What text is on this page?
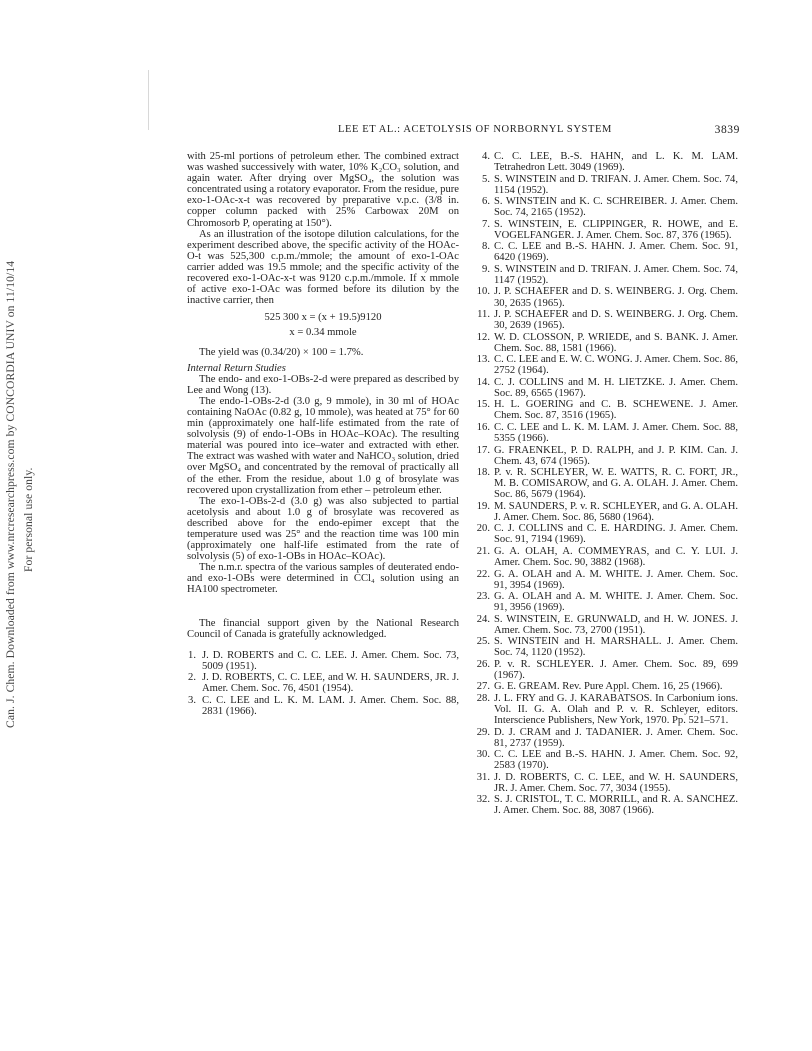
Can. J. Chem. Downloaded from www.nrcresearchpress.com by CONCORDIA UNIV on 11/10/14 For personal use only.
LEE ET AL.: ACETOLYSIS OF NORBORNYL SYSTEM	3839

with 25-ml portions of petroleum ether. The combined extract was washed successively with water, 10% K₂CO₃ solution, and again water. After drying over MgSO₄, the solution was concentrated using a rotatory evaporator. From the residue, pure exo-1-OAc-x-t was recovered by preparative v.p.c. (3/8 in. copper column packed with 25% Carbowax 20M on Chromosorb P, operating at 150°).

As an illustration of the isotope dilution calculations, for the experiment described above, the specific activity of the HOAc-O-t was 525,300 c.p.m./mmole; the amount of exo-1-OAc carrier added was 19.5 mmole; and the specific activity of the recovered exo-1-OAc-x-t was 9120 c.p.m./mmole. If x mmole of active exo-1-OAc was formed before its dilution by the inactive carrier, then

525 300 x = (x + 19.5)9120

x = 0.34 mmole

The yield was (0.34/20) × 100 = 1.7%.

Internal Return Studies

The endo- and exo-1-OBs-2-d were prepared as described by Lee and Wong (13).

The endo-1-OBs-2-d (3.0 g, 9 mmole), in 30 ml of HOAc containing NaOAc (0.82 g, 10 mmole), was heated at 75° for 60 min (approximately one half-life estimated from the rate of solvolysis (9) of endo-1-OBs in HOAc–KOAc). The resulting material was poured into ice–water and extracted with ether. The extract was washed with water and NaHCO₃ solution, dried over MgSO₄ and concentrated by the removal of practically all of the ether. From the residue, about 1.0 g of brosylate was recovered upon crystallization from ether – petroleum ether.

The exo-1-OBs-2-d (3.0 g) was also subjected to partial acetolysis and about 1.0 g of brosylate was recovered as described above for the endo-epimer except that the temperature used was 25° and the reaction time was 100 min (approximately one half-life estimated from the rate of solvolysis (5) of exo-1-OBs in HOAc–KOAc).

The n.m.r. spectra of the various samples of deuterated endo- and exo-1-OBs were determined in CCl₄ solution using an HA100 spectrometer.

The financial support given by the National Research Council of Canada is gratefully acknowledged.

1. J. D. ROBERTS and C. C. LEE. J. Amer. Chem. Soc. 73, 5009 (1951).
2. J. D. ROBERTS, C. C. LEE, and W. H. SAUNDERS, JR. J. Amer. Chem. Soc. 76, 4501 (1954).
3. C. C. LEE and L. K. M. LAM. J. Amer. Chem. Soc. 88, 2831 (1966).
4. C. C. LEE, B.-S. HAHN, and L. K. M. LAM. Tetrahedron Lett. 3049 (1969).
5. S. WINSTEIN and D. TRIFAN. J. Amer. Chem. Soc. 74, 1154 (1952).
6. S. WINSTEIN and K. C. SCHREIBER. J. Amer. Chem. Soc. 74, 2165 (1952).
7. S. WINSTEIN, E. CLIPPINGER, R. HOWE, and E. VOGELFANGER. J. Amer. Chem. Soc. 87, 376 (1965).
8. C. C. LEE and B.-S. HAHN. J. Amer. Chem. Soc. 91, 6420 (1969).
9. S. WINSTEIN and D. TRIFAN. J. Amer. Chem. Soc. 74, 1147 (1952).
10. J. P. SCHAEFER and D. S. WEINBERG. J. Org. Chem. 30, 2635 (1965).
11. J. P. SCHAEFER and D. S. WEINBERG. J. Org. Chem. 30, 2639 (1965).
12. W. D. CLOSSON, P. WRIEDE, and S. BANK. J. Amer. Chem. Soc. 88, 1581 (1966).
13. C. C. LEE and E. W. C. WONG. J. Amer. Chem. Soc. 86, 2752 (1964).
14. C. J. COLLINS and M. H. LIETZKE. J. Amer. Chem. Soc. 89, 6565 (1967).
15. H. L. GOERING and C. B. SCHEWENE. J. Amer. Chem. Soc. 87, 3516 (1965).
16. C. C. LEE and L. K. M. LAM. J. Amer. Chem. Soc. 88, 5355 (1966).
17. G. FRAENKEL, P. D. RALPH, and J. P. KIM. Can. J. Chem. 43, 674 (1965).
18. P. v. R. SCHLEYER, W. E. WATTS, R. C. FORT, JR., M. B. COMISAROW, and G. A. OLAH. J. Amer. Chem. Soc. 86, 5679 (1964).
19. M. SAUNDERS, P. v. R. SCHLEYER, and G. A. OLAH. J. Amer. Chem. Soc. 86, 5680 (1964).
20. C. J. COLLINS and C. E. HARDING. J. Amer. Chem. Soc. 91, 7194 (1969).
21. G. A. OLAH, A. COMMEYRAS, and C. Y. LUI. J. Amer. Chem. Soc. 90, 3882 (1968).
22. G. A. OLAH and A. M. WHITE. J. Amer. Chem. Soc. 91, 3954 (1969).
23. G. A. OLAH and A. M. WHITE. J. Amer. Chem. Soc. 91, 3956 (1969).
24. S. WINSTEIN, E. GRUNWALD, and H. W. JONES. J. Amer. Chem. Soc. 73, 2700 (1951).
25. S. WINSTEIN and H. MARSHALL. J. Amer. Chem. Soc. 74, 1120 (1952).
26. P. v. R. SCHLEYER. J. Amer. Chem. Soc. 89, 699 (1967).
27. G. E. GREAM. Rev. Pure Appl. Chem. 16, 25 (1966).
28. J. L. FRY and G. J. KARABATSOS. In Carbonium ions. Vol. II. G. A. Olah and P. v. R. Schleyer, editors. Interscience Publishers, New York, 1970. Pp. 521–571.
29. D. J. CRAM and J. TADANIER. J. Amer. Chem. Soc. 81, 2737 (1959).
30. C. C. LEE and B.-S. HAHN. J. Amer. Chem. Soc. 92, 2583 (1970).
31. J. D. ROBERTS, C. C. LEE, and W. H. SAUNDERS, JR. J. Amer. Chem. Soc. 77, 3034 (1955).
32. S. J. CRISTOL, T. C. MORRILL, and R. A. SANCHEZ. J. Amer. Chem. Soc. 88, 3087 (1966).
